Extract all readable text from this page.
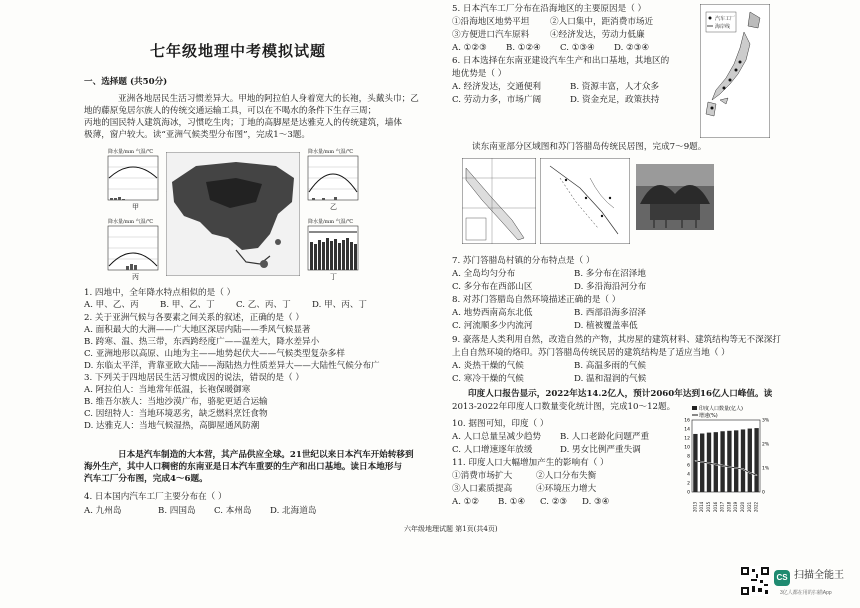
七年级地理中考模拟试题
一、选择题 (共50分)
亚洲各地居民生活习惯差异大。甲地的阿拉伯人身着宽大的长袍，头戴头巾；乙
地的藤原兔居尔族人的传统交通运输工具，可以在不喝水的条件下生存三周；
丙地的国民特人建筑海冰，习惯吃生肉；丁地的高脚屋是达雅克人的传统建筑，墙体
极薄，窗户较大。读“亚洲气候类型分布图”，完成1～3题。
降水量/mm 气温/℃
甲
降水量/mm 气温/℃
乙
降水量/mm 气温/℃
丙
降水量/mm 气温/℃
丁
1. 四地中，全年降水特点相似的是（ ）
A. 甲、乙、丙 B. 甲、乙、丁 C. 乙、丙、丁 D. 甲、丙、丁
2. 关于亚洲气候与各要素之间关系的叙述，正确的是（ ）
A. 面积最大的大洲——广大地区深居内陆——季风气候显著
B. 跨寒、温、热三带，东西跨经度广——温差大，降水差异小
C. 亚洲地形以高原、山地为主——地势起伏大——气候类型复杂多样
D. 东临太平洋，背靠亚欧大陆——海陆热力性质差异大——大陆性气候分布广
3. 下列关于四地居民生活习惯成因的说法，错误的是（ ）
A. 阿拉伯人：当地常年低温，长袍保暖御寒
B. 维吾尔族人：当地沙漠广布，骆驼更适合运输
C. 因纽特人：当地环境恶劣，缺乏燃料烹饪食物
D. 达雅克人：当地气候湿热，高脚屋通风防潮
日本是汽车制造的大本营，其产品供应全球。21世纪以来日本汽车开始转移到
海外生产，其中人口稠密的东南亚是日本汽车重要的生产和出口基地。读日本地形与
汽车工厂分布图，完成4～6题。
4. 日本国内汽车工厂主要分布在（ ）
A. 九州岛	B. 四国岛 C. 本州岛 D. 北海道岛
5. 日本汽车工厂分布在沿海地区的主要原因是（ ）
①沿海地区地势平坦 ②人口集中，距消费市场近
③方便进口汽车原料 ④经济发达，劳动力低廉
A. ①②③ B. ①②④ C. ①③④ D. ②③④
6. 日本选择在东南亚建设汽车生产和出口基地，其地区的
地优势是（ ）
A. 经济发达，交通便利	B. 资源丰富，人才众多
C. 劳动力多，市场广阔	D. 资金充足，政策扶持
汽车工厂
海岸线
读东南亚部分区域图和苏门答腊岛传统民居图，完成7～9题。
7. 苏门答腊岛村镇的分布特点是（ ）
A. 全岛均匀分布	B. 多分布在沼泽地
C. 多分布在西部山区	D. 多沿海沿河分布
8. 对苏门答腊岛自然环境描述正确的是（ ）
A. 地势西南高东北低	B. 西部沿海多沼泽
C. 河流顺多少内流河	D. 植被覆盖率低
9. 豪落是人类利用自然，改造自然的产物，其房屋的建筑材料、建筑结构等无不深深打
上自自然环境的烙印。苏门答腊岛传统民居的建筑结构是了适应当地（ ）
A. 炎热干燥的气候	B. 高温多雨的气候
C. 寒冷干燥的气候	D. 温和湿润的气候
印度人口报告显示，2022年达14.2亿人，预计2060年达到16亿人口峰值。读
2013-2022年印度人口数量变化统计图，完成10～12题。
10. 据图可知，印度（ ）
A. 人口总量呈减少趋势 B. 人口老龄化问题严重
C. 人口增速逐年放缓	D. 男女比例严重失调
11. 印度人口大幅增加产生的影响有（ ）
①消费市场扩大	②人口分布失衡
③人口素质提高	④环境压力增大
A. ①② B. ①④ C. ②③ D. ③④
印度人口数量(亿人)
增速(%)
16
14
12
10
8
6
4
2
0
3%
2%
1%
0
2013 2014 2015 2016 2017 2018 2019 2020 2021 2022
六年级地理试题 第1页(共4页)
CS 扫描全能王
3亿人都在用的扫描App
